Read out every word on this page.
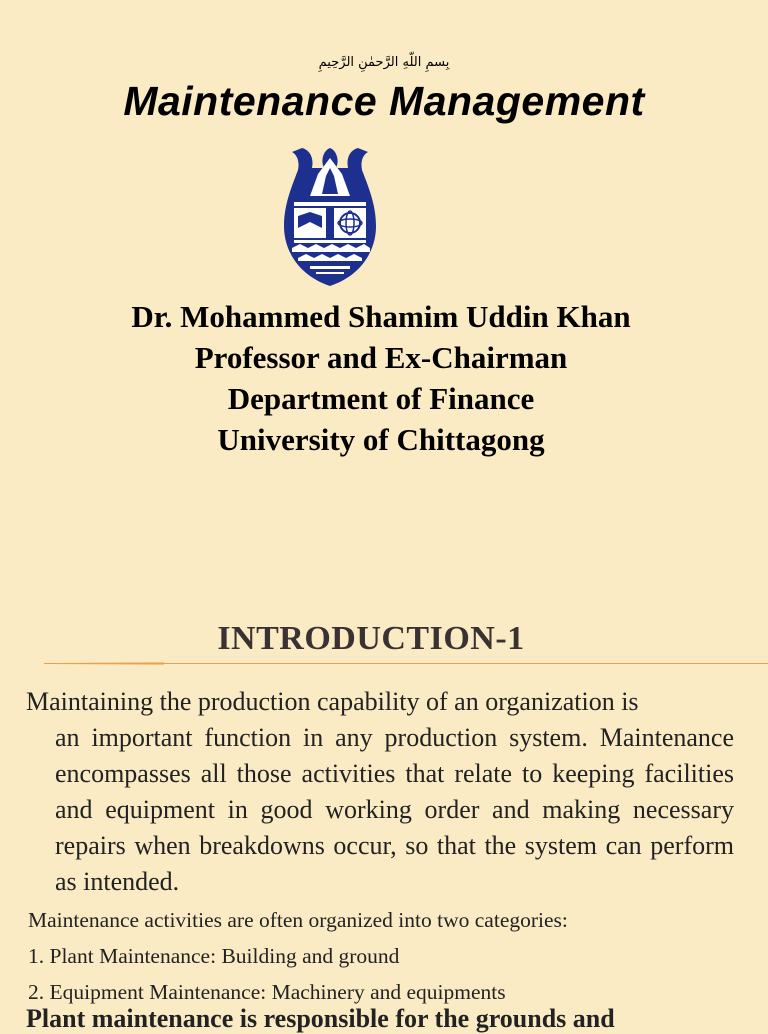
بِسمِ اللّهِ الرَّحمٰنِ الرَّحِيمِ
Maintenance Management
Dr. Mohammed Shamim Uddin Khan
Professor and Ex-Chairman
Department of Finance
University of Chittagong
INTRODUCTION-1
Maintaining the production capability of an organization is
an important function in any production system. Maintenance encompasses all those activities that relate to keeping facilities and equipment in good working order and making necessary repairs when breakdowns occur, so that the system can perform as intended.
Maintenance activities are often organized into two categories:
1. Plant Maintenance: Building and ground
2. Equipment Maintenance: Machinery and equipments
Plant maintenance is responsible for the grounds and
